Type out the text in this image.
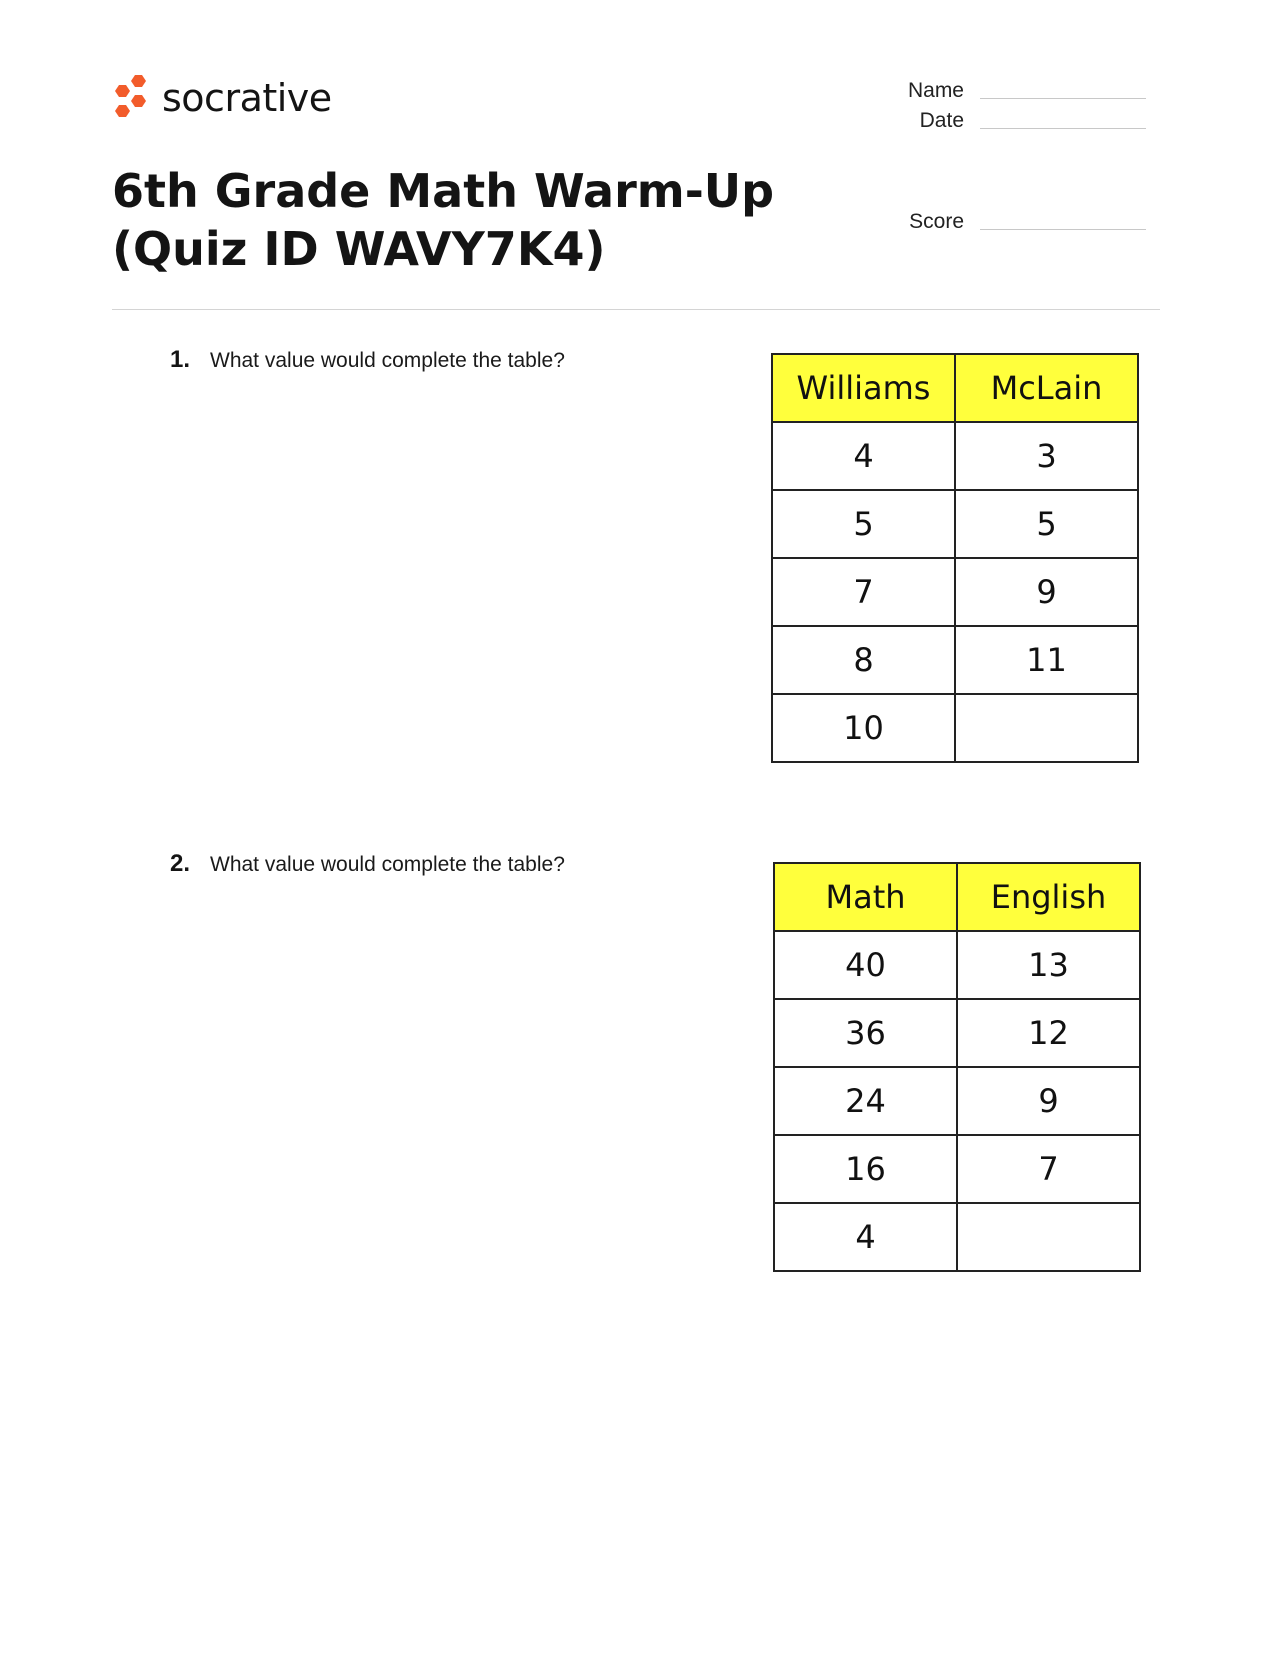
socrative
6th Grade Math Warm-Up (Quiz ID WAVY7K4)
Name
Date
Score
1. What value would complete the table?
Williams	McLain
4	3
5	5
7	9
8	11
10	
2. What value would complete the table?
Math	English
40	13
36	12
24	9
16	7
4	
